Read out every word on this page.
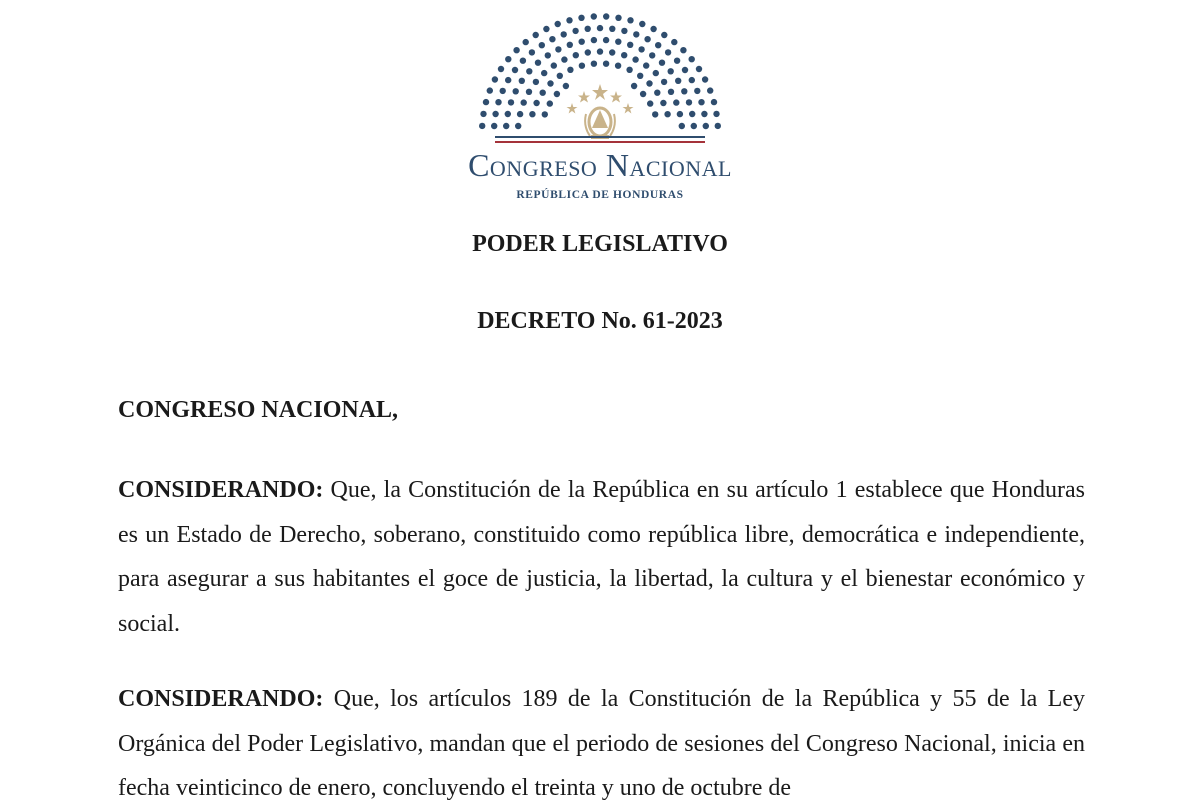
Congreso Nacional
REPÚBLICA DE HONDURAS
PODER LEGISLATIVO
DECRETO No. 61-2023
CONGRESO NACIONAL,

CONSIDERANDO: Que, la Constitución de la República en su artículo 1 establece que Honduras es un Estado de Derecho, soberano, constituido como república libre, democrática e independiente, para asegurar a sus habitantes el goce de justicia, la libertad, la cultura y el bienestar económico y social.

CONSIDERANDO: Que, los artículos 189 de la Constitución de la República y 55 de la Ley Orgánica del Poder Legislativo, mandan que el periodo de sesiones del Congreso Nacional, inicia en fecha veinticinco de enero, concluyendo el treinta y uno de octubre de
